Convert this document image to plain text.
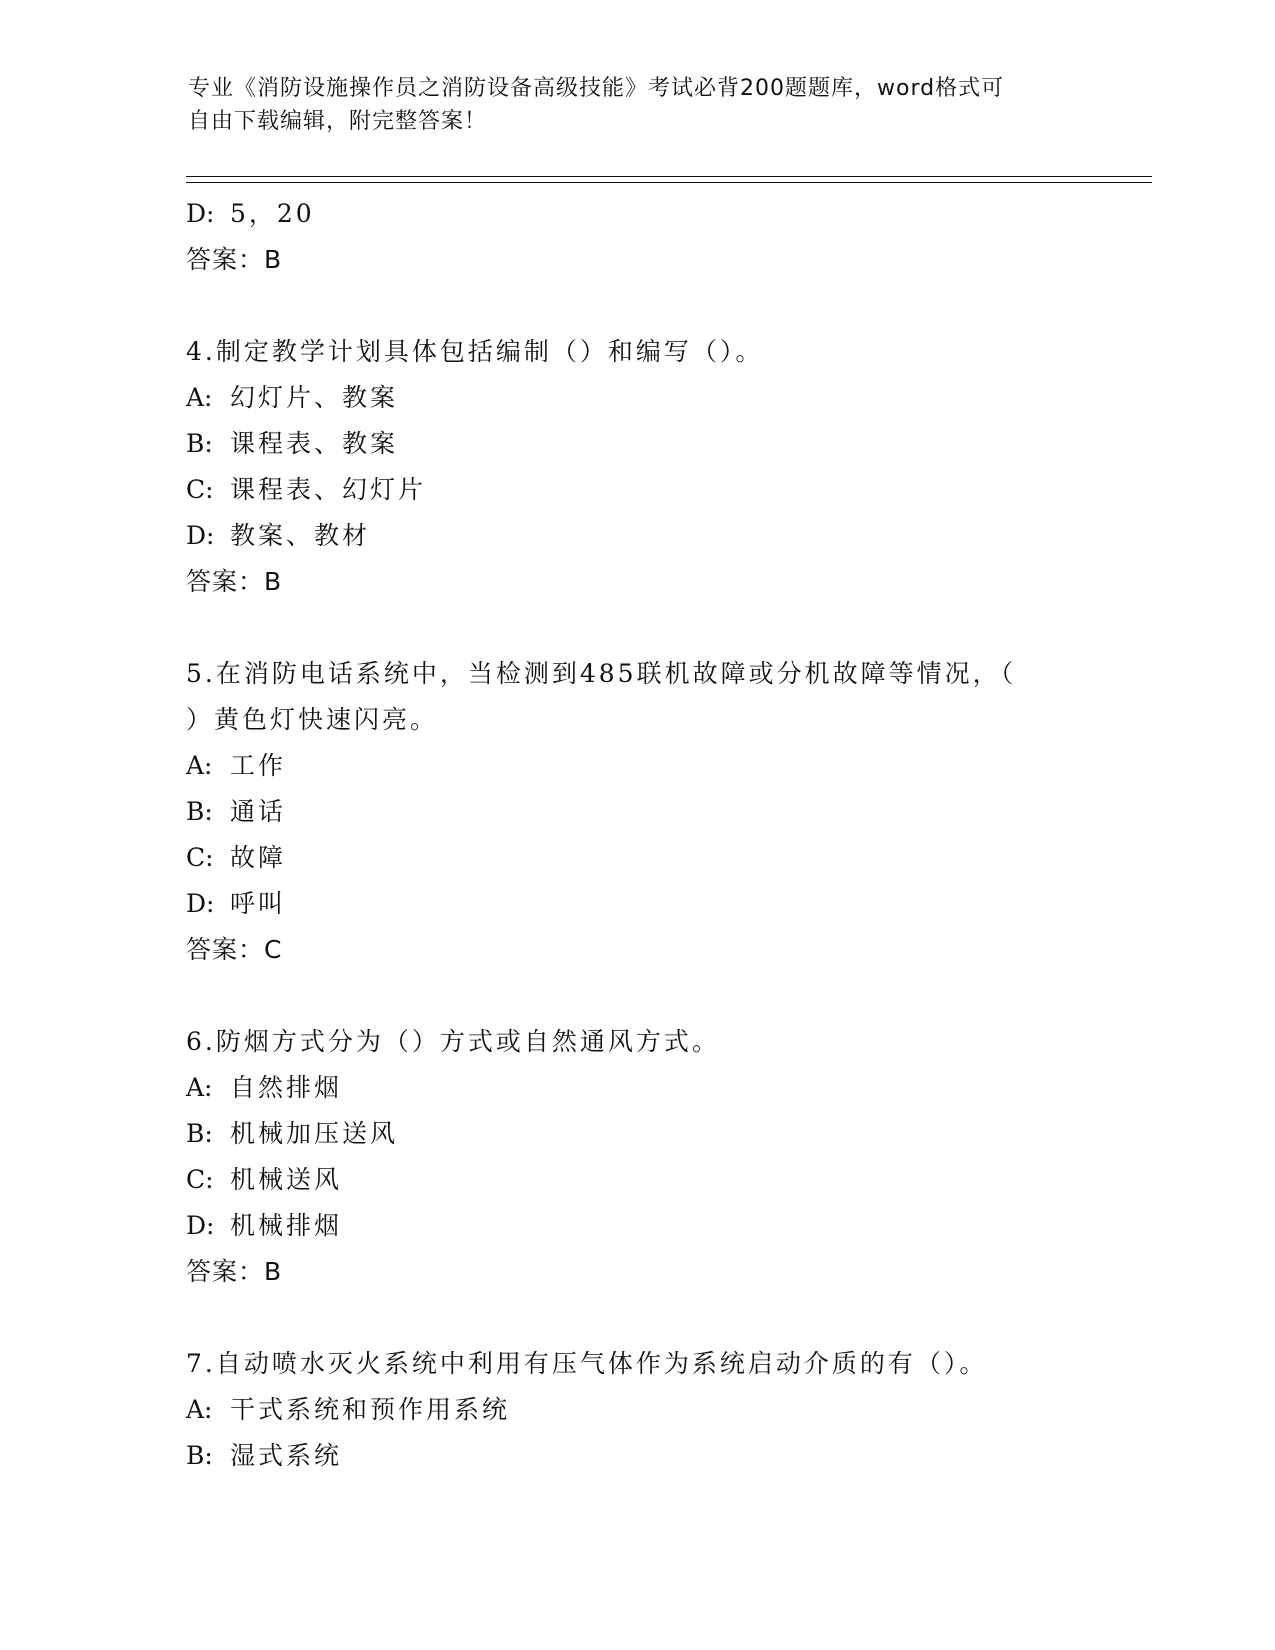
专业《消防设施操作员之消防设备高级技能》考试必背200题题库，word格式可
自由下载编辑，附完整答案！
D: 5，20
答案：B
4.制定教学计划具体包括编制（）和编写（）。
A: 幻灯片、教案
B: 课程表、教案
C: 课程表、幻灯片
D: 教案、教材
答案：B
5.在消防电话系统中，当检测到485联机故障或分机故障等情况，（
）黄色灯快速闪亮。
A: 工作
B: 通话
C: 故障
D: 呼叫
答案：C
6.防烟方式分为（）方式或自然通风方式。
A: 自然排烟
B: 机械加压送风
C: 机械送风
D: 机械排烟
答案：B
7.自动喷水灭火系统中利用有压气体作为系统启动介质的有（）。
A: 干式系统和预作用系统
B: 湿式系统
